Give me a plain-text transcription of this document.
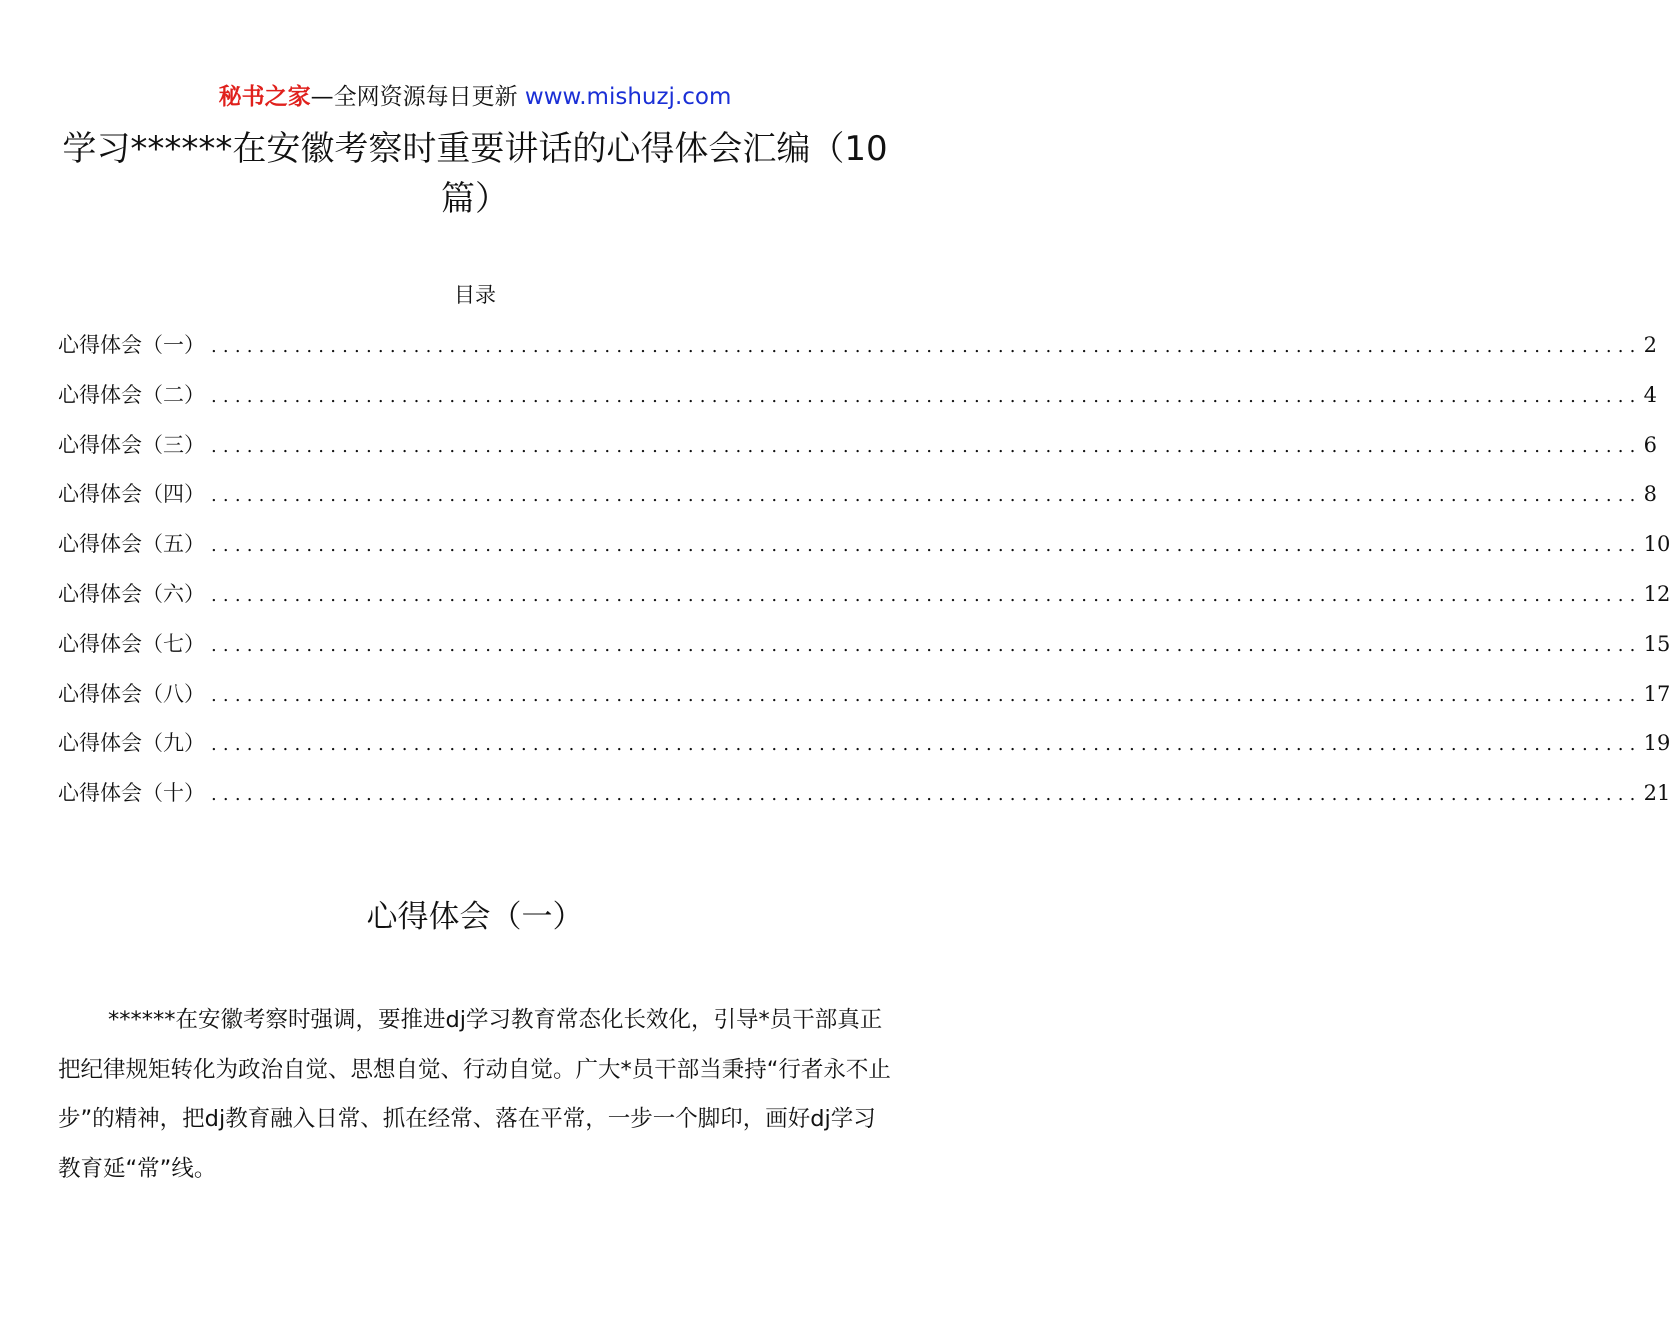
秘书之家—全网资源每日更新 www.mishuzj.com
学习******在安徽考察时重要讲话的心得体会汇编（10篇）
目录
心得体会（一） ........................................................................................................................ 2
心得体会（二） ........................................................................................................................ 4
心得体会（三） ........................................................................................................................ 6
心得体会（四） ........................................................................................................................ 8
心得体会（五） ........................................................................................................................ 10
心得体会（六） ........................................................................................................................ 12
心得体会（七） ........................................................................................................................ 15
心得体会（八） ........................................................................................................................ 17
心得体会（九） ........................................................................................................................ 19
心得体会（十） ........................................................................................................................ 21
心得体会（一）

******在安徽考察时强调，要推进dj学习教育常态化长效化，引导*员干部真正把纪律规矩转化为政治自觉、思想自觉、行动自觉。广大*员干部当秉持“行者永不止步”的精神，把dj教育融入日常、抓在经常、落在平常，一步一个脚印，画好dj学习教育延“常”线。
